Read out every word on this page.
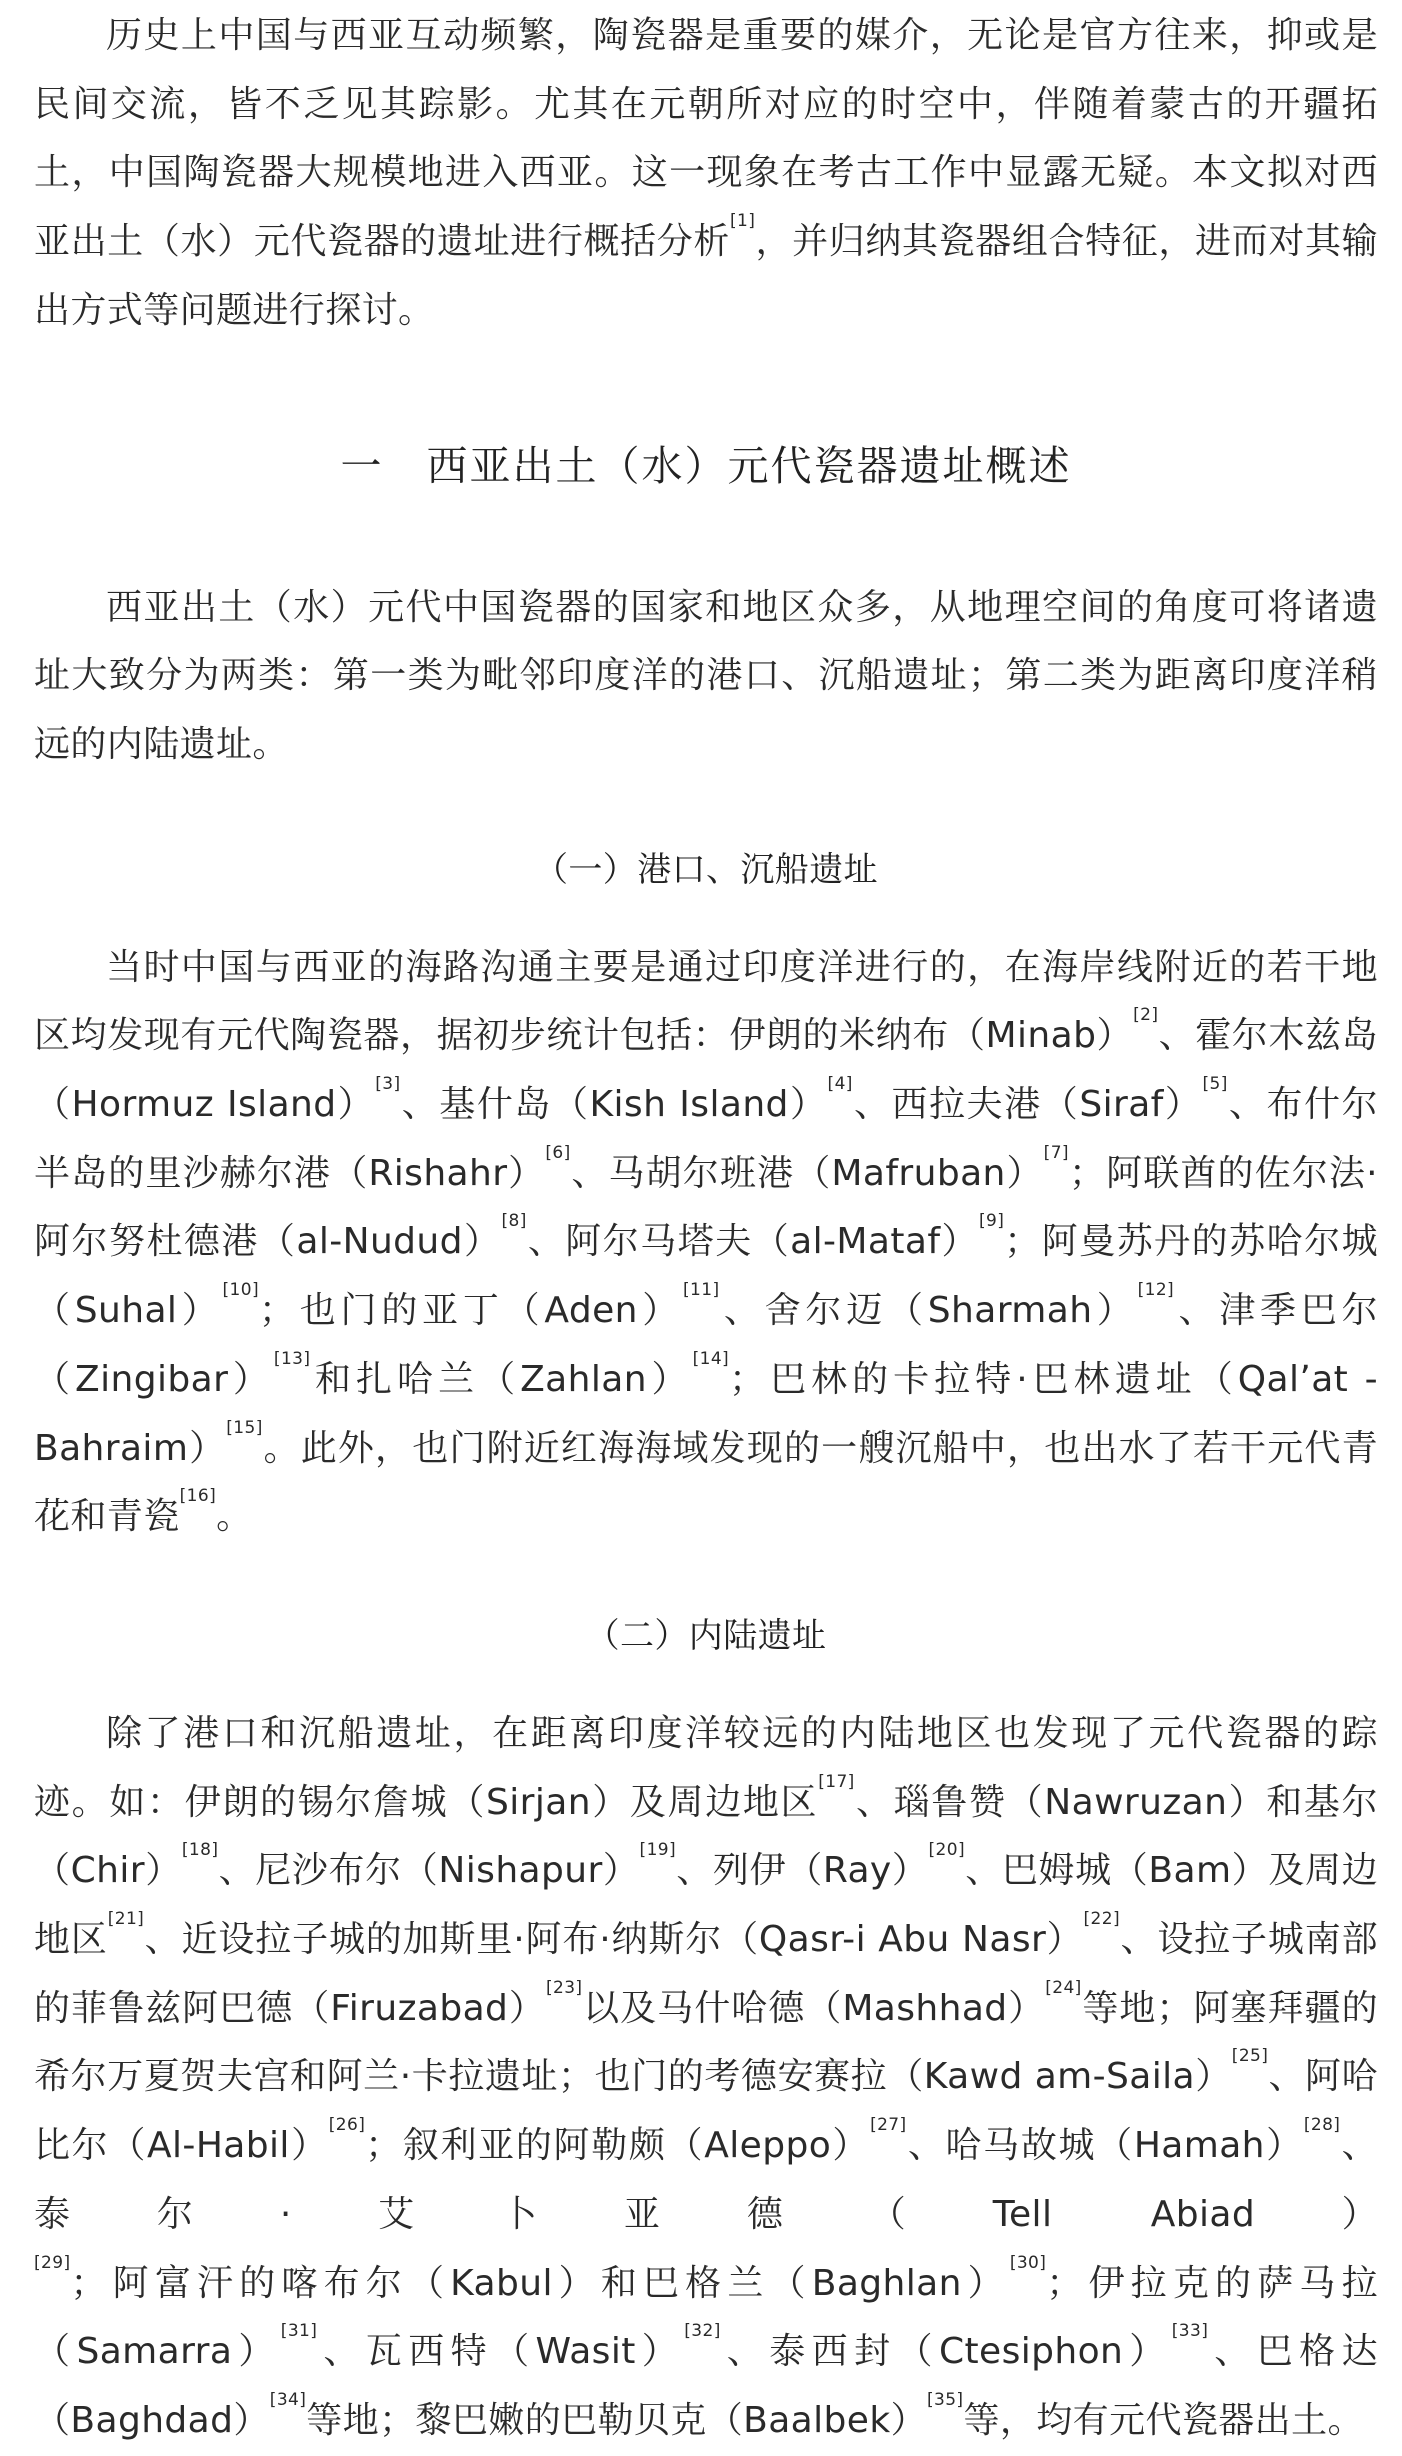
历史上中国与西亚互动频繁，陶瓷器是重要的媒介，无论是官方往来，抑或是民间交流，皆不乏见其踪影。尤其在元朝所对应的时空中，伴随着蒙古的开疆拓土，中国陶瓷器大规模地进入西亚。这一现象在考古工作中显露无疑。本文拟对西亚出土（水）元代瓷器的遗址进行概括分析[1]，并归纳其瓷器组合特征，进而对其输出方式等问题进行探讨。

一　西亚出土（水）元代瓷器遗址概述

西亚出土（水）元代中国瓷器的国家和地区众多，从地理空间的角度可将诸遗址大致分为两类：第一类为毗邻印度洋的港口、沉船遗址；第二类为距离印度洋稍远的内陆遗址。

（一）港口、沉船遗址

当时中国与西亚的海路沟通主要是通过印度洋进行的，在海岸线附近的若干地区均发现有元代陶瓷器，据初步统计包括：伊朗的米纳布（Minab）[2]、霍尔木兹岛（Hormuz Island）[3]、基什岛（Kish Island）[4]、西拉夫港（Siraf）[5]、布什尔半岛的里沙赫尔港（Rishahr）[6]、马胡尔班港（Mafruban）[7]；阿联酋的佐尔法·阿尔努杜德港（al-Nudud）[8]、阿尔马塔夫（al-Mataf）[9]；阿曼苏丹的苏哈尔城（Suhal）[10]；也门的亚丁（Aden）[11]、舍尔迈（Sharmah）[12]、津季巴尔（Zingibar）[13]和扎哈兰（Zahlan）[14]；巴林的卡拉特·巴林遗址（Qal’at - Bahraim）[15]。此外，也门附近红海海域发现的一艘沉船中，也出水了若干元代青花和青瓷[16]。

（二）内陆遗址

除了港口和沉船遗址，在距离印度洋较远的内陆地区也发现了元代瓷器的踪迹。如：伊朗的锡尔詹城（Sirjan）及周边地区[17]、瑙鲁赞（Nawruzan）和基尔（Chir）[18]、尼沙布尔（Nishapur）[19]、列伊（Ray）[20]、巴姆城（Bam）及周边地区[21]、近设拉子城的加斯里·阿布·纳斯尔（Qasr-i Abu Nasr）[22]、设拉子城南部的菲鲁兹阿巴德（Firuzabad）[23]以及马什哈德（Mashhad）[24]等地；阿塞拜疆的希尔万夏贺夫宫和阿兰·卡拉遗址；也门的考德安赛拉（Kawd am-Saila）[25]、阿哈比尔（Al-Habil）[26]；叙利亚的阿勒颇（Aleppo）[27]、哈马故城（Hamah）[28]、泰尔·艾卜亚德（Tell Abiad）[29]；阿富汗的喀布尔（Kabul）和巴格兰（Baghlan）[30]；伊拉克的萨马拉（Samarra）[31]、瓦西特（Wasit）[32]、泰西封（Ctesiphon）[33]、巴格达（Baghdad）[34]等地；黎巴嫩的巴勒贝克（Baalbek）[35]等，均有元代瓷器出土。
